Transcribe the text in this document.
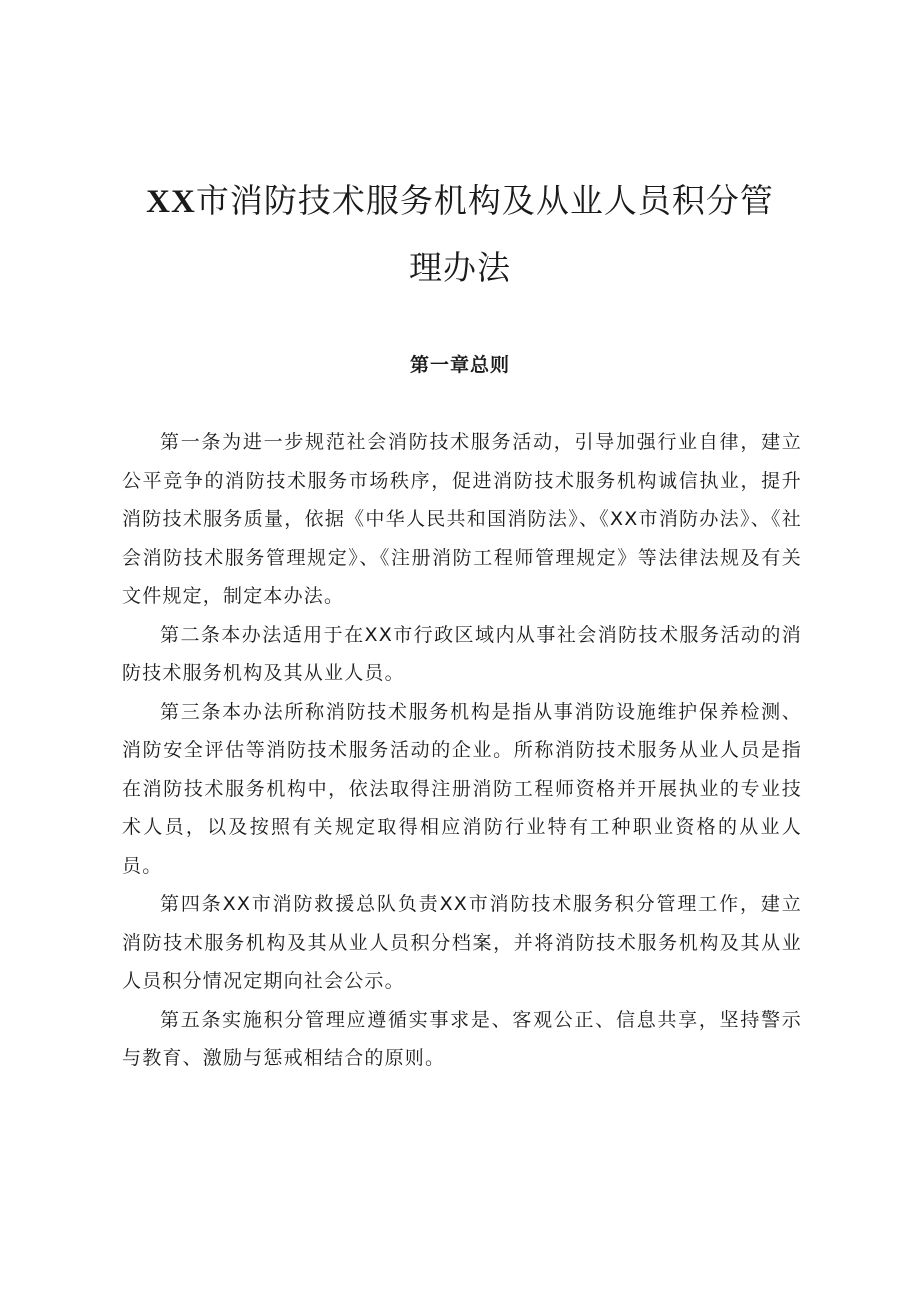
XX市消防技术服务机构及从业人员积分管
理办法
第一章总则

第一条为进一步规范社会消防技术服务活动，引导加强行业自律，建立公平竞争的消防技术服务市场秩序，促进消防技术服务机构诚信执业，提升消防技术服务质量，依据《中华人民共和国消防法》、《XX市消防办法》、《社会消防技术服务管理规定》、《注册消防工程师管理规定》等法律法规及有关文件规定，制定本办法。

第二条本办法适用于在XX市行政区域内从事社会消防技术服务活动的消防技术服务机构及其从业人员。

第三条本办法所称消防技术服务机构是指从事消防设施维护保养检测、消防安全评估等消防技术服务活动的企业。所称消防技术服务从业人员是指在消防技术服务机构中，依法取得注册消防工程师资格并开展执业的专业技术人员，以及按照有关规定取得相应消防行业特有工种职业资格的从业人员。

第四条XX市消防救援总队负责XX市消防技术服务积分管理工作，建立消防技术服务机构及其从业人员积分档案，并将消防技术服务机构及其从业人员积分情况定期向社会公示。

第五条实施积分管理应遵循实事求是、客观公正、信息共享，坚持警示与教育、激励与惩戒相结合的原则。
